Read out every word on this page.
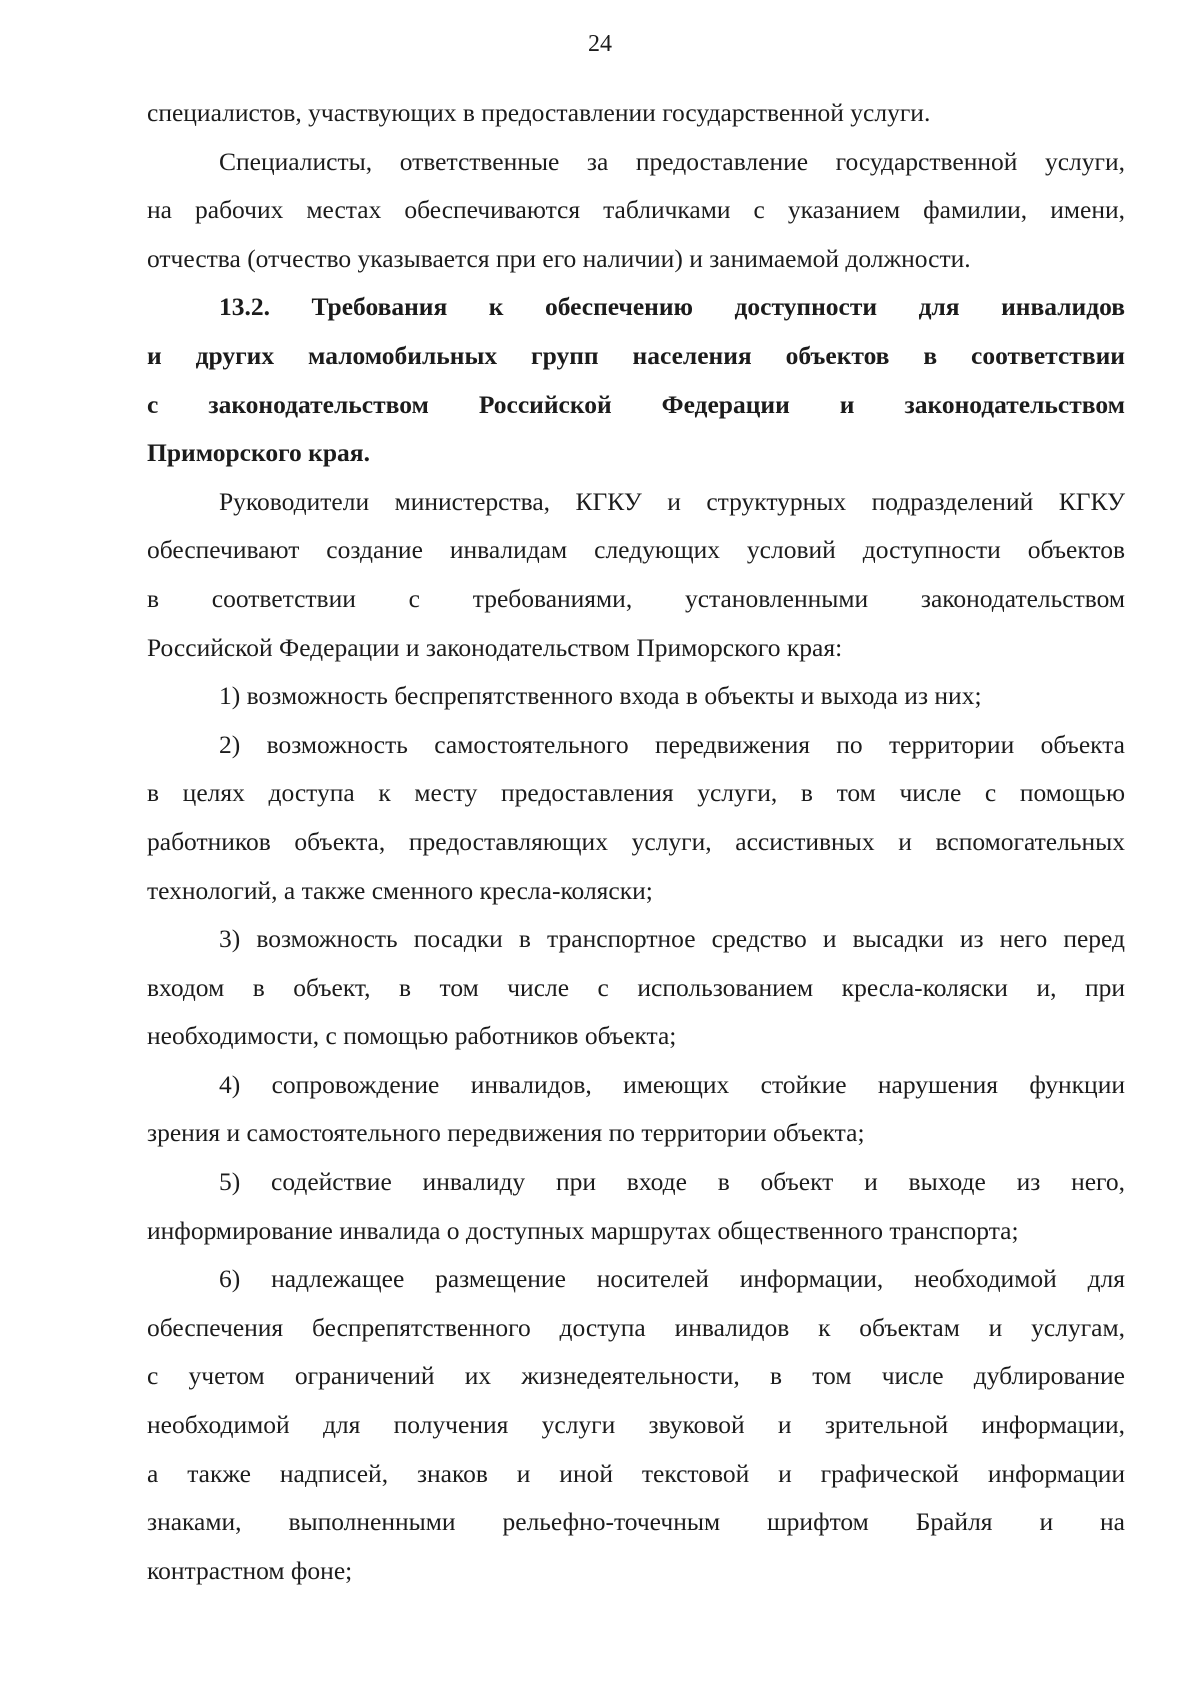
24

специалистов, участвующих в предоставлении государственной услуги.

Специалисты, ответственные за предоставление государственной услуги,
на рабочих местах обеспечиваются табличками с указанием фамилии, имени,
отчества (отчество указывается при его наличии) и занимаемой должности.

13.2. Требования к обеспечению доступности для инвалидов
и других маломобильных групп населения объектов в соответствии
с законодательством Российской Федерации и законодательством
Приморского края.

Руководители министерства, КГКУ и структурных подразделений КГКУ
обеспечивают создание инвалидам следующих условий доступности объектов
в соответствии с требованиями, установленными законодательством
Российской Федерации и законодательством Приморского края:

1) возможность беспрепятственного входа в объекты и выхода из них;

2) возможность самостоятельного передвижения по территории объекта
в целях доступа к месту предоставления услуги, в том числе с помощью
работников объекта, предоставляющих услуги, ассистивных и вспомогательных
технологий, а также сменного кресла-коляски;

3) возможность посадки в транспортное средство и высадки из него перед
входом в объект, в том числе с использованием кресла-коляски и, при
необходимости, с помощью работников объекта;

4) сопровождение инвалидов, имеющих стойкие нарушения функции
зрения и самостоятельного передвижения по территории объекта;

5) содействие инвалиду при входе в объект и выходе из него,
информирование инвалида о доступных маршрутах общественного транспорта;

6) надлежащее размещение носителей информации, необходимой для
обеспечения беспрепятственного доступа инвалидов к объектам и услугам,
с учетом ограничений их жизнедеятельности, в том числе дублирование
необходимой для получения услуги звуковой и зрительной информации,
а также надписей, знаков и иной текстовой и графической информации
знаками, выполненными рельефно-точечным шрифтом Брайля и на
контрастном фоне;
